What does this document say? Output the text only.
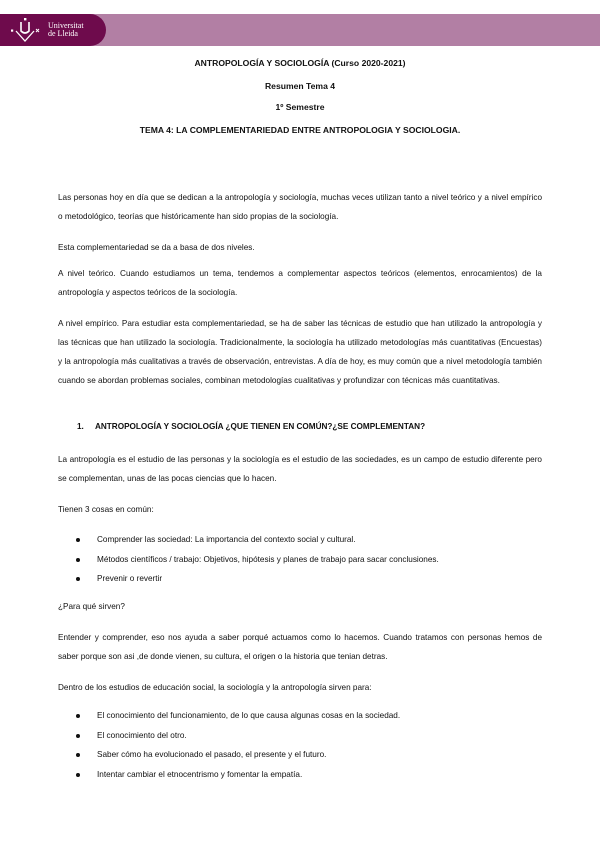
Universitat
de Lleida
ANTROPOLOGÍA Y SOCIOLOGÍA (Curso 2020-2021)
Resumen Tema 4
1º Semestre
TEMA 4: LA COMPLEMENTARIEDAD ENTRE ANTROPOLOGIA Y SOCIOLOGIA.

Las personas hoy en día que se dedican a la antropología y sociología, muchas veces utilizan tanto a nivel teórico y a nivel empírico o metodológico, teorías que históricamente han sido propias de la sociología.

Esta complementariedad se da a basa de dos niveles.

A nivel teórico. Cuando estudiamos un tema, tendemos a complementar aspectos teóricos (elementos, enrocamientos) de la antropología y aspectos teóricos de la sociología.

A nivel empírico. Para estudiar esta complementariedad, se ha de saber las técnicas de estudio que han utilizado la antropología y las técnicas que han utilizado la sociología. Tradicionalmente, la sociología ha utilizado metodologías más cuantitativas (Encuestas) y la antropología más cualitativas a través de observación, entrevistas. A día de hoy, es muy común que a nivel metodología también cuando se abordan problemas sociales, combinan metodologías cualitativas y profundizar con técnicas más cuantitativas.

1. ANTROPOLOGÍA Y SOCIOLOGÍA ¿QUE TIENEN EN COMÚN?¿SE COMPLEMENTAN?

La antropología es el estudio de las personas y la sociología es el estudio de las sociedades, es un campo de estudio diferente pero se complementan, unas de las pocas ciencias que lo hacen.

Tienen 3 cosas en común:

Comprender las sociedad: La importancia del contexto social y cultural.
Métodos científicos / trabajo: Objetivos, hipótesis y planes de trabajo para sacar conclusiones.
Prevenir o revertir

¿Para qué sirven?

Entender y comprender, eso nos ayuda a saber porqué actuamos como lo hacemos. Cuando tratamos con personas hemos de saber porque son asi ,de donde vienen, su cultura, el origen o la historia que tenian detras.

Dentro de los estudios de educación social, la sociología y la antropología sirven para:

El conocimiento del funcionamiento, de lo que causa algunas cosas en la sociedad.
El conocimiento del otro.
Saber cómo ha evolucionado el pasado, el presente y el futuro.
Intentar cambiar el etnocentrismo y fomentar la empatía.
